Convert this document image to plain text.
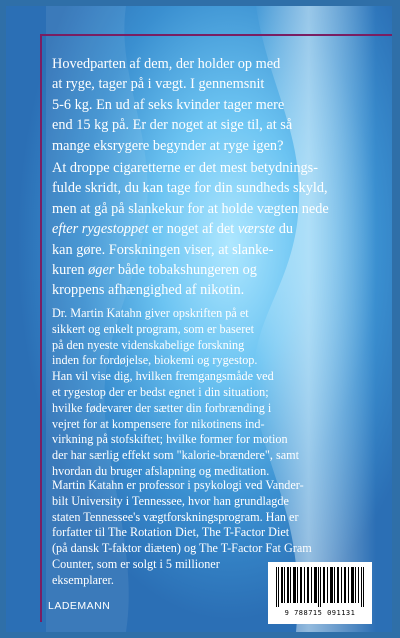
Hovedparten af dem, der holder op med

at ryge, tager på i vægt. I gennemsnit

5-6 kg. En ud af seks kvinder tager mere

end 15 kg på. Er der noget at sige til, at så

mange eksrygere begynder at ryge igen?

At droppe cigaretterne er det mest betydnings-

fulde skridt, du kan tage for din sundheds skyld,

men at gå på slankekur for at holde vægten nede

efter rygestoppet er noget af det værste du

kan gøre. Forskningen viser, at slanke-

kuren øger både tobakshungeren og

kroppens afhængighed af nikotin.

Dr. Martin Katahn giver opskriften på et

sikkert og enkelt program, som er baseret

på den nyeste videnskabelige forskning

inden for fordøjelse, biokemi og rygestop.

Han vil vise dig, hvilken fremgangsmåde ved

et rygestop der er bedst egnet i din situation;

hvilke fødevarer der sætter din forbrænding i

vejret for at kompensere for nikotinens ind-

virkning på stofskiftet; hvilke former for motion

der har særlig effekt som "kalorie-brændere", samt

hvordan du bruger afslapning og meditation.

Martin Katahn er professor i psykologi ved Vander-

bilt University i Tennessee, hvor han grundlagde

staten Tennessee's vægtforskningsprogram. Han er

forfatter til The Rotation Diet, The T-Factor Diet

(på dansk T-faktor diæten) og The T-Factor Fat Gram

Counter, som er solgt i 5 millioner

eksemplarer.

LADEMANN
9 788715 091131
